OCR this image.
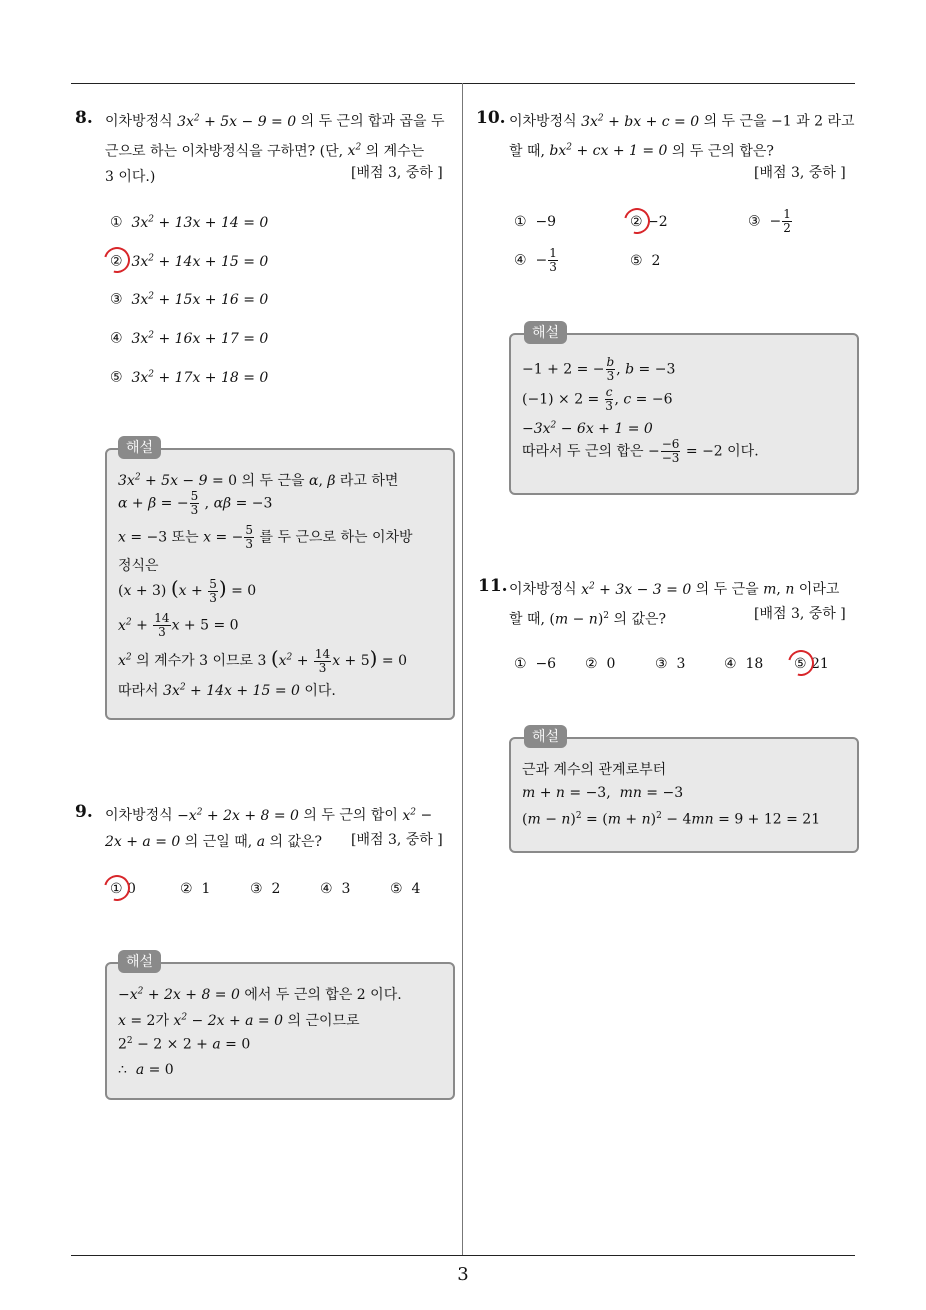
8. 이차방정식 $3x^2 + 5x - 9 = 0$ 의 두 근의 합과 곱을 두
근으로 하는 이차방정식을 구하면? (단, $x^2$ 의 계수는
3 이다.)	[배점 3, 중하 ]
①  $3x^2 + 13x + 14 = 0$
②  $3x^2 + 14x + 15 = 0$
③  $3x^2 + 15x + 16 = 0$
④  $3x^2 + 16x + 17 = 0$
⑤  $3x^2 + 17x + 18 = 0$
해설
$3x^2 + 5x - 9 = 0$ 의 두 근을 α, β 라고 하면
α + β = − $\frac{5}{3}$ , αβ = −3
x = −3 또는 x = − $\frac{5}{3}$ 를 두 근으로 하는 이차방
정식은
(x + 3) ($x + \frac{5}{3}$ ) = 0
$x^2 + \frac{14}{3}$ x + 5 = 0
$x^2$ 의 계수가 3 이므로 3 ($x^2 + \frac{14}{3}$ x + 5) = 0
따라서 $3x^2 + 14x + 15 = 0$ 이다.
9. 이차방정식 $-x^2 + 2x + 8 = 0$ 의 두 근의 합이 $x^2$ −
2x + a = 0 의 근일 때, a 의 값은?	[배점 3, 중하 ]
① 0	②  1	③  2	④  3	⑤  4
해설
$-x^2 + 2x + 8 = 0$ 에서 두 근의 합은 2 이다.
x = 2가 $x^2 - 2x + a = 0$ 의 근이므로
$2^2 - 2 \times 2 + a = 0$
∴  a = 0
10. 이차방정식 $3x^2$ + bx + c = 0 의 두 근을 −1 과 2 라고
할 때, $bx^2$ + cx + 1 = 0 의 두 근의 합은?
[배점 3, 중하 ]
①  −9	② −2	③  − $\frac{1}{2}$
④  − $\frac{1}{3}$	⑤  2
해설
−1 + 2 = − $\frac{b}{3}$ , b = −3
$(-1) \times 2 = \frac{c}{3}$ , c = −6
$-3x^2 - 6x + 1 = 0$
따라서 두 근의 합은 − $\frac{-6}{-3} = -2$ 이다.
11. 이차방정식 $x^2 + 3x - 3 = 0$ 의 두 근을 m, n 이라고
할 때, $(m - n)^2$ 의 값은?	[배점 3, 중하 ]
①  −6 ②  0	③  3	④  18 ⑤ 21
해설
근과 계수의 관계로부터
m + n = −3,  mn = −3
$(m - n)^2 = (m + n)^2 - 4mn = 9 + 12 = 21$
3
